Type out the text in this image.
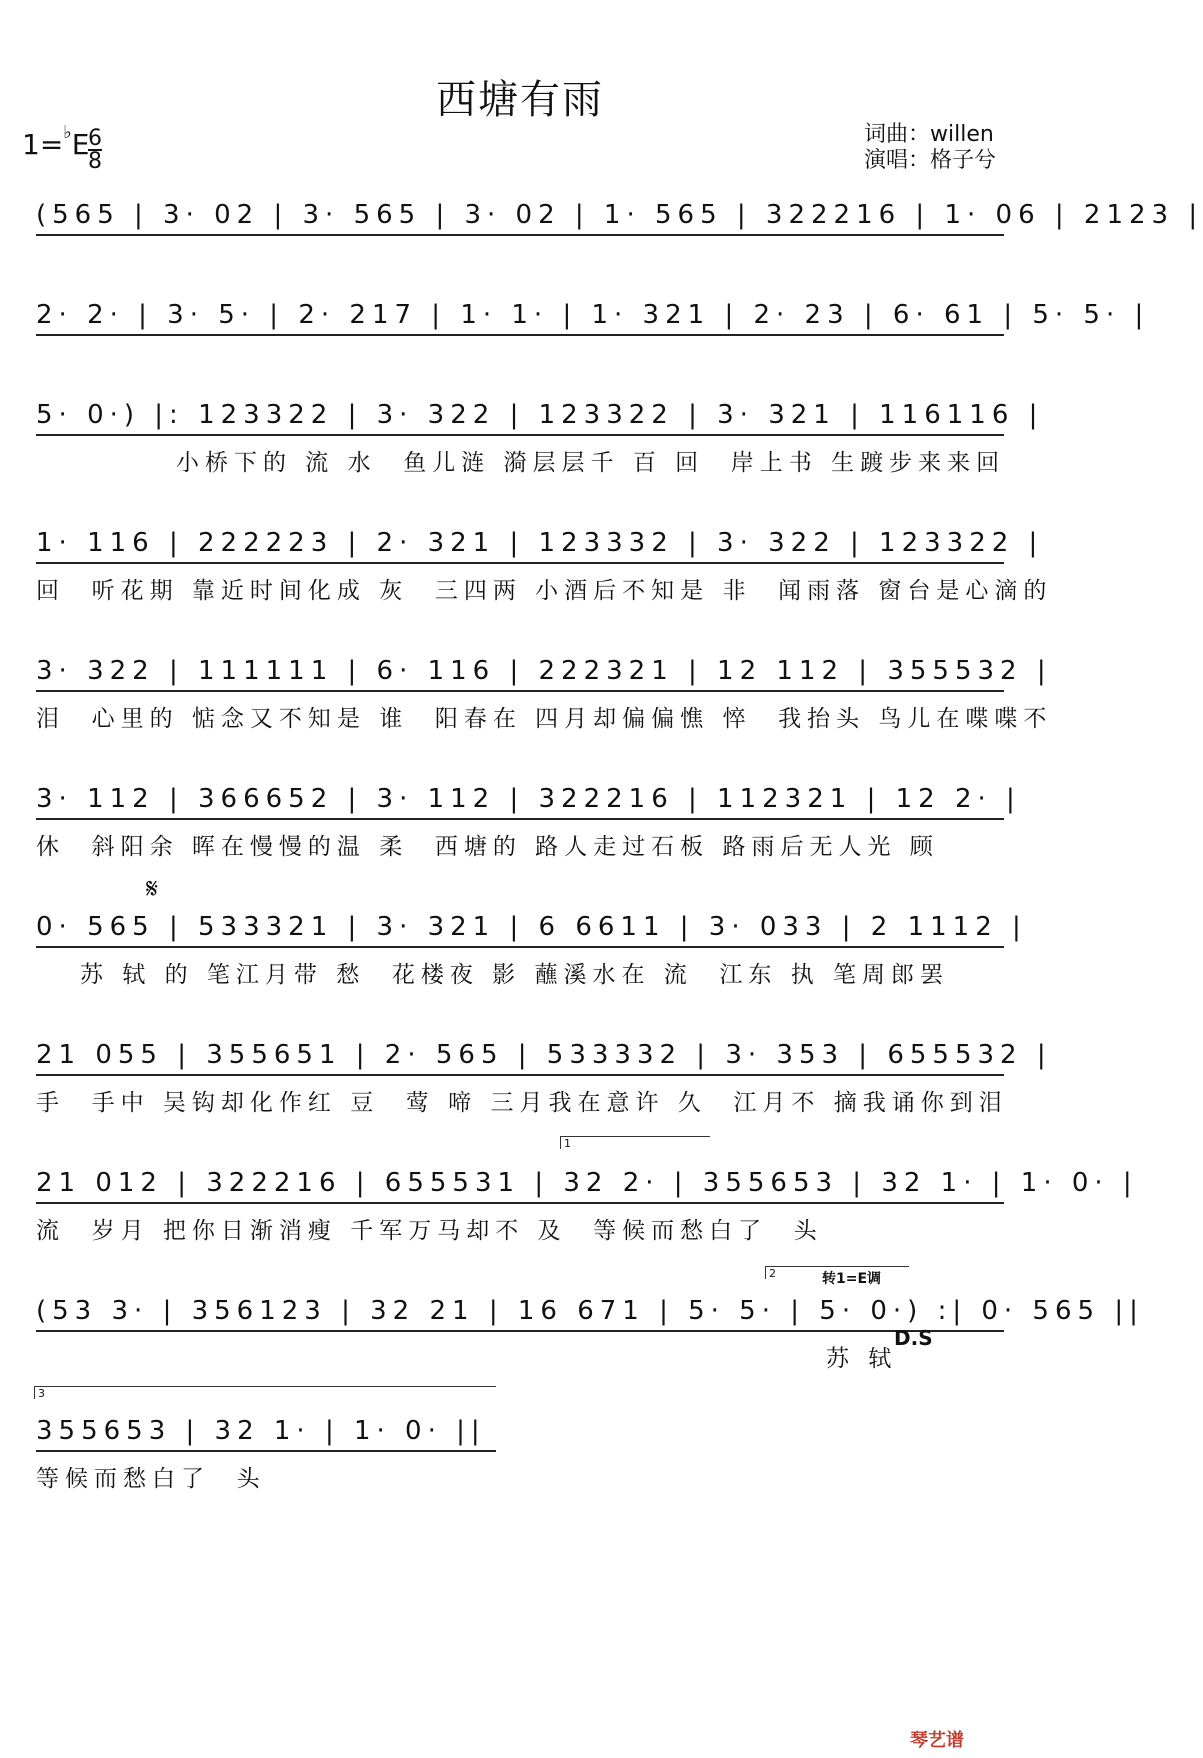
西塘有雨
1=♭E
6
8
词曲：willen
演唱：格子兮
(565 | 3· 02 | 3· 565 | 3· 02 | 1· 565 | 322216 | 1· 06 | 2123 |
2· 2· | 3· 5· | 2· 217 | 1· 1· | 1· 321 | 2· 23 | 6· 61 | 5· 5· |
5· 0·) |: 123322 | 3· 322 | 123322 | 3· 321 | 116116 |
小桥下的 流 水  鱼儿涟 漪层层千 百 回  岸上书 生踱步来来回
1· 116 | 222223 | 2· 321 | 123332 | 3· 322 | 123322 |
回  听花期 靠近时间化成 灰  三四两 小酒后不知是 非  闻雨落 窗台是心滴的
3· 322 | 111111 | 6· 116 | 222321 | 12 112 | 355532 |
泪  心里的 惦念又不知是 谁  阳春在 四月却偏偏憔 悴  我抬头 鸟儿在喋喋不
3· 112 | 366652 | 3· 112 | 322216 | 112321 | 12 2· |
休  斜阳余 晖在慢慢的温 柔  西塘的 路人走过石板 路雨后无人光 顾
𝄋
0· 565 | 533321 | 3· 321 | 6 6611 | 3· 033 | 2 1112 |
苏 轼 的 笔江月带 愁  花楼夜 影 蘸溪水在 流  江东 执 笔周郎罢
21 055 | 355651 | 2· 565 | 533332 | 3· 353 | 655532 |
手  手中 吴钩却化作红 豆  莺 啼 三月我在意许 久  江月不 摘我诵你到泪
1
21 012 | 322216 | 655531 | 32 2· | 355653 | 32 1· | 1· 0· |
流  岁月 把你日渐消瘦 千军万马却不 及  等候而愁白了  头
2	转1=E调
(53 3· | 356123 | 32 21 | 16 671 | 5· 5· | 5· 0·) :| 0· 565 ||
苏 轼
D.S
3
355653 | 32 1· | 1· 0· ||
等候而愁白了  头
琴艺谱
